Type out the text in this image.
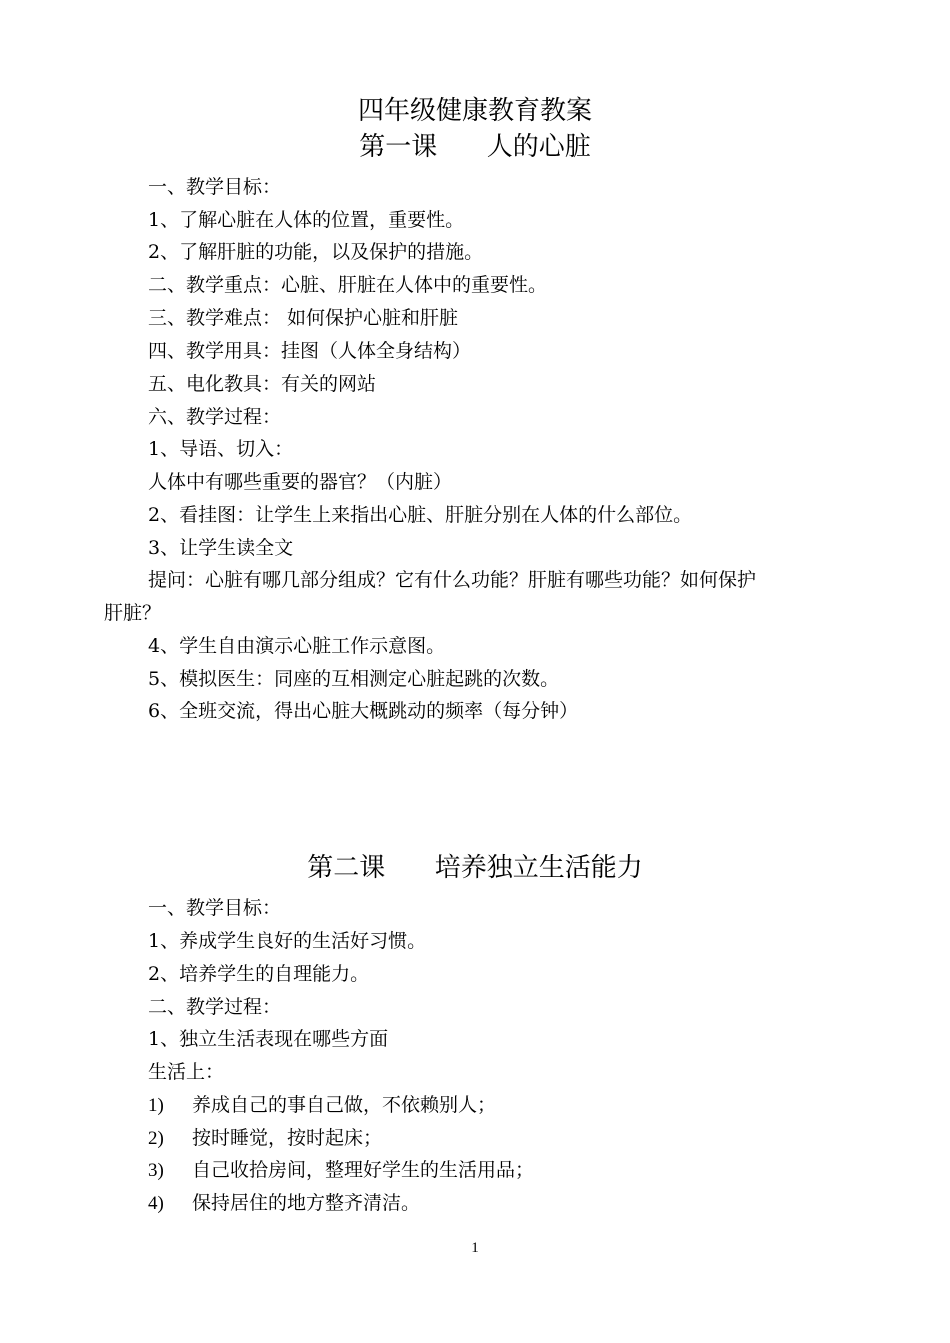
四年级健康教育教案
第一课      人的心脏
一、教学目标：
1、了解心脏在人体的位置，重要性。
2、了解肝脏的功能，以及保护的措施。
二、教学重点：心脏、肝脏在人体中的重要性。
三、教学难点： 如何保护心脏和肝脏
四、教学用具：挂图（人体全身结构）
五、电化教具：有关的网站
六、教学过程：
1、导语、切入：
人体中有哪些重要的器官？（内脏）
2、看挂图：让学生上来指出心脏、肝脏分别在人体的什么部位。
3、让学生读全文
提问：心脏有哪几部分组成？它有什么功能？肝脏有哪些功能？如何保护
肝脏？
4、学生自由演示心脏工作示意图。
5、模拟医生：同座的互相测定心脏起跳的次数。
6、全班交流，得出心脏大概跳动的频率（每分钟）
第二课      培养独立生活能力
一、教学目标：
1、养成学生良好的生活好习惯。
2、培养学生的自理能力。
二、教学过程：
1、独立生活表现在哪些方面
生活上：
1) 养成自己的事自己做，不依赖别人；
2) 按时睡觉，按时起床；
3) 自己收拾房间，整理好学生的生活用品；
4) 保持居住的地方整齐清洁。
1
